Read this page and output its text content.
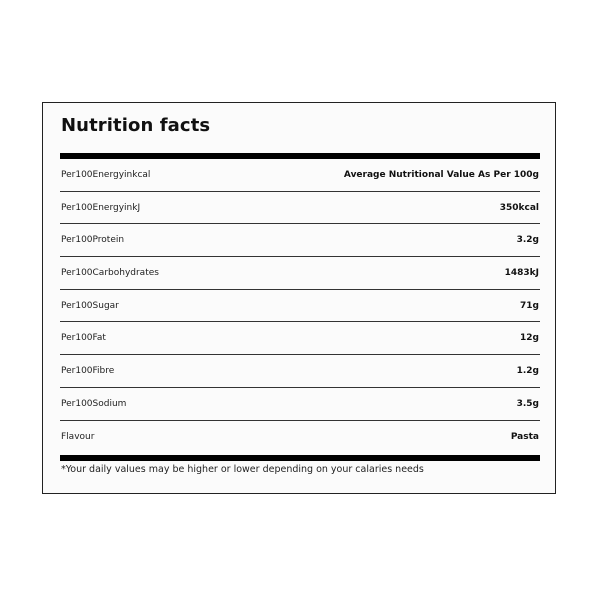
Nutrition facts
Per100Energyinkcal	Average Nutritional Value As Per 100g
Per100EnergyinkJ	350kcal
Per100Protein	3.2g
Per100Carbohydrates	1483kJ
Per100Sugar	71g
Per100Fat	12g
Per100Fibre	1.2g
Per100Sodium	3.5g
Flavour	Pasta
*Your daily values may be higher or lower depending on your calaries needs
